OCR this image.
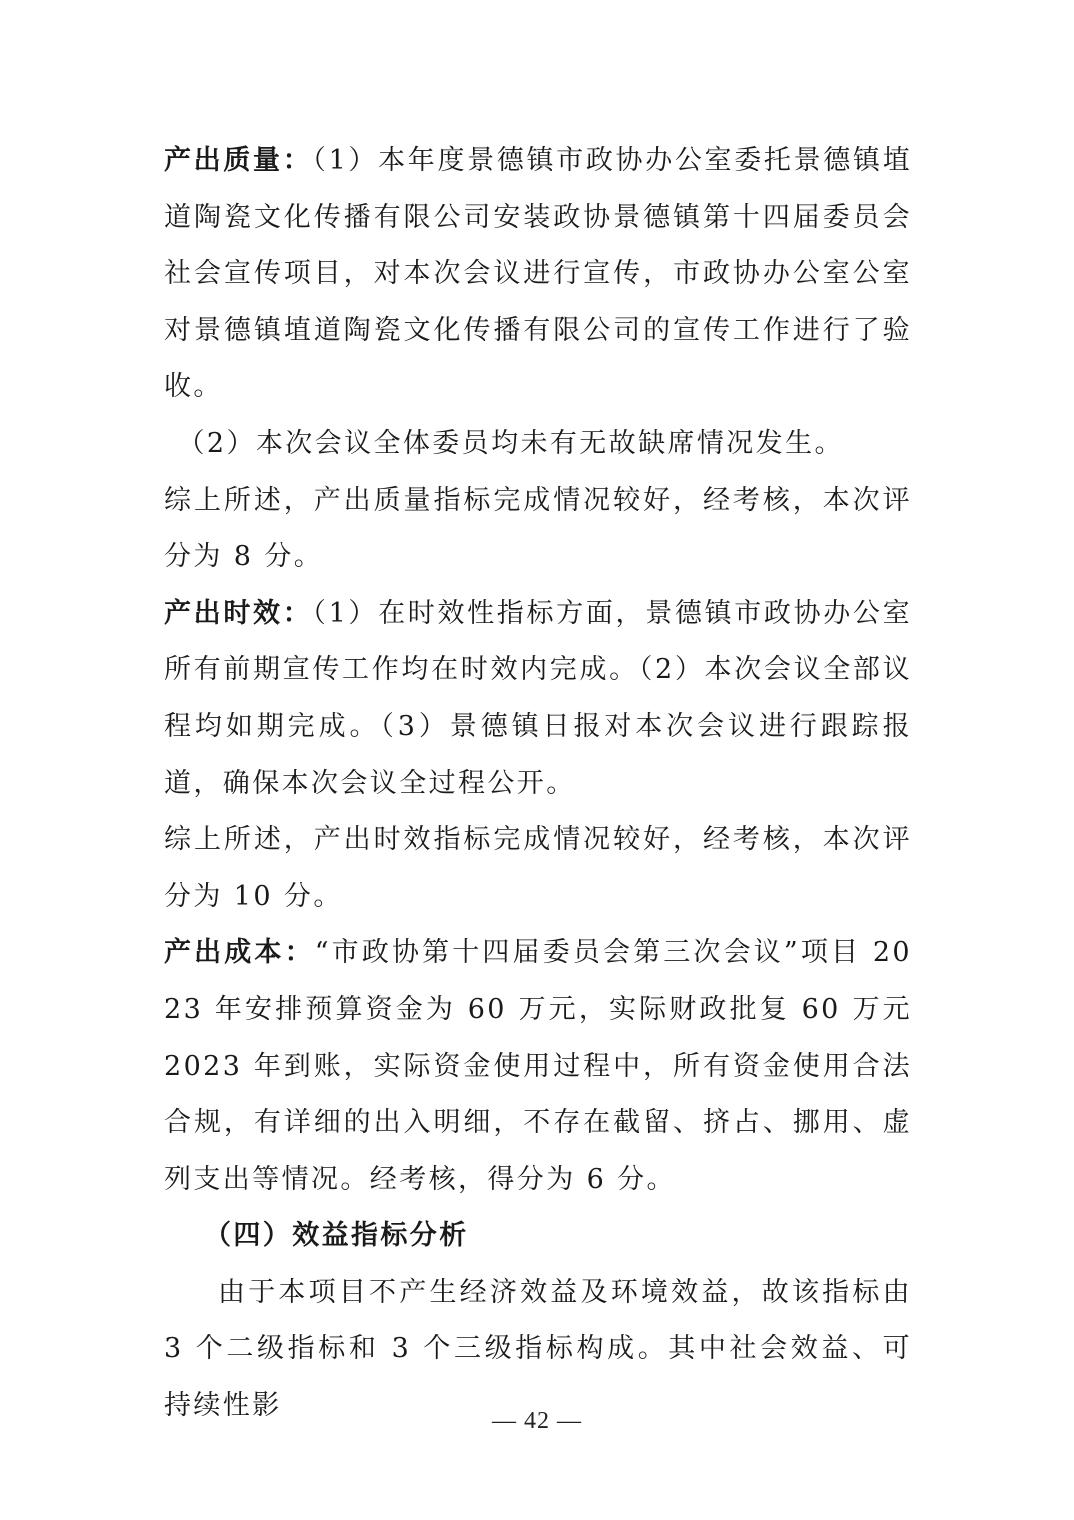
产出质量：（1）本年度景德镇市政协办公室委托景德镇埴道陶瓷文化传播有限公司安装政协景德镇第十四届委员会社会宣传项目，对本次会议进行宣传，市政协办公室公室对景德镇埴道陶瓷文化传播有限公司的宣传工作进行了验收。

（2）本次会议全体委员均未有无故缺席情况发生。

综上所述，产出质量指标完成情况较好，经考核，本次评分为 8 分。

产出时效：（1）在时效性指标方面，景德镇市政协办公室所有前期宣传工作均在时效内完成。（2）本次会议全部议程均如期完成。（3）景德镇日报对本次会议进行跟踪报道，确保本次会议全过程公开。

综上所述，产出时效指标完成情况较好，经考核，本次评分为 10 分。

产出成本：“市政协第十四届委员会第三次会议”项目 2023 年安排预算资金为 60 万元，实际财政批复 60 万元 2023 年到账，实际资金使用过程中，所有资金使用合法合规，有详细的出入明细，不存在截留、挤占、挪用、虚列支出等情况。经考核，得分为 6 分。

（四）效益指标分析

由于本项目不产生经济效益及环境效益，故该指标由 3 个二级指标和 3 个三级指标构成。其中社会效益、可持续性影	— 42 —
